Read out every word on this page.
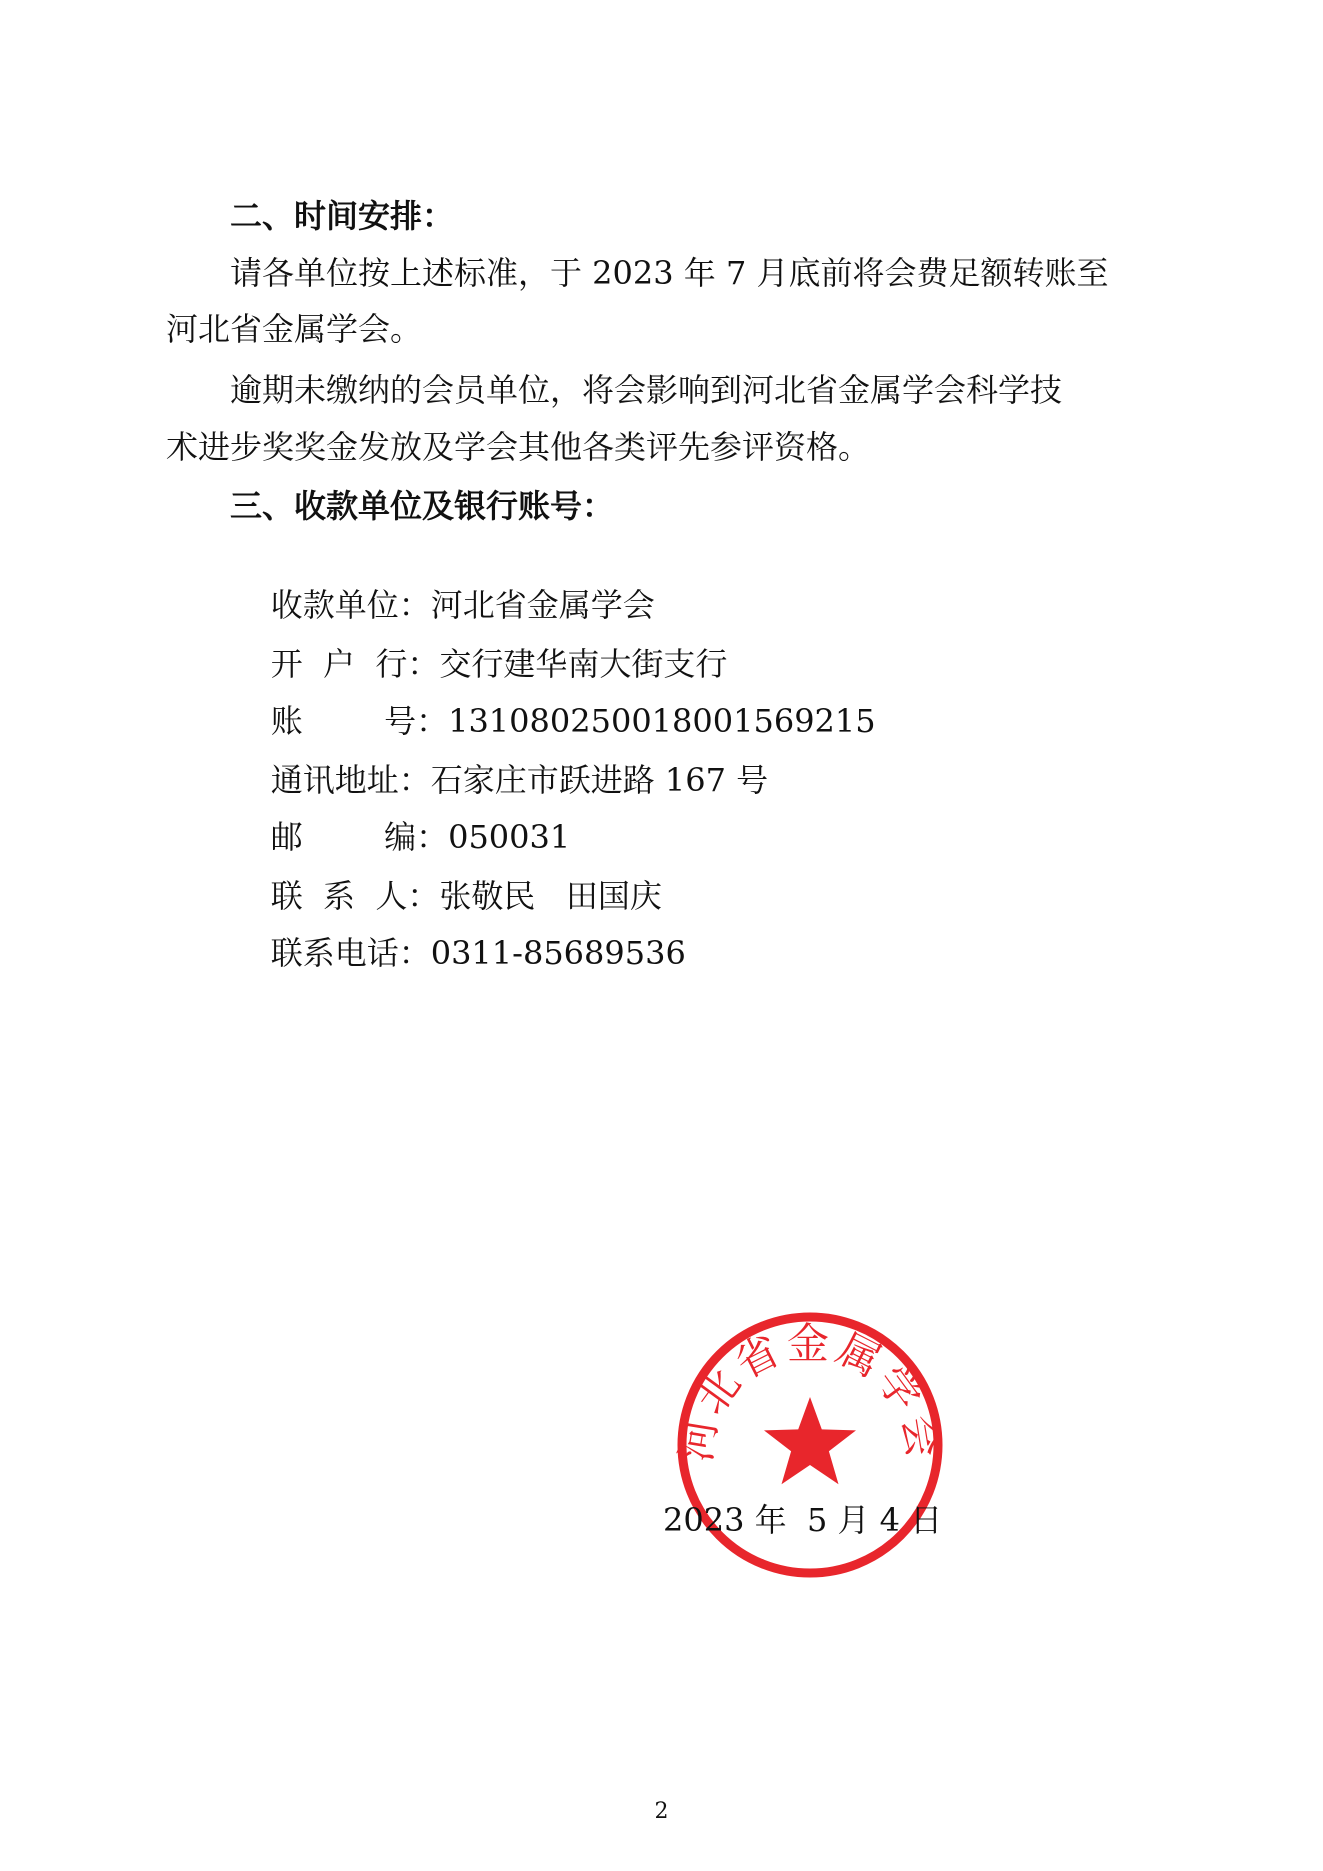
二、时间安排：
请各单位按上述标准，于 2023 年 7 月底前将会费足额转账至
河北省金属学会。
逾期未缴纳的会员单位，将会影响到河北省金属学会科学技
术进步奖奖金发放及学会其他各类评先参评资格。
三、收款单位及银行账号：

收款单位：河北省金属学会

开  户  行：交行建华南大街支行

账        号：131080250018001569215

通讯地址：石家庄市跃进路 167 号

邮        编：050031

联  系  人：张敬民   田国庆

联系电话：0311-85689536

河北省金属学会
2023 年  5 月 4 日
2
